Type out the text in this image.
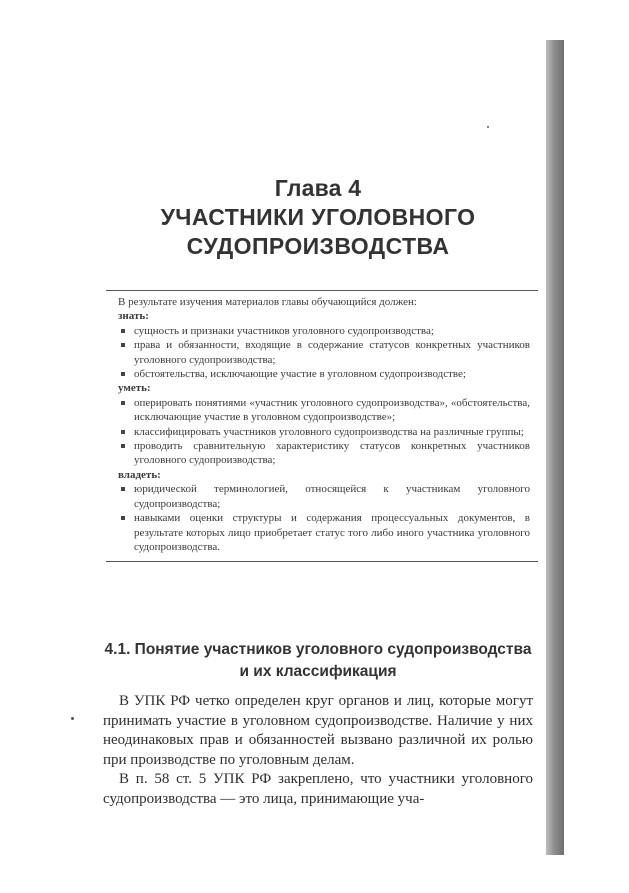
Глава 4
УЧАСТНИКИ УГОЛОВНОГО
СУДОПРОИЗВОДСТВА

В результате изучения материалов главы обучающийся должен:

знать:

сущность и признаки участников уголовного судопроизводства;
права и обязанности, входящие в содержание статусов конкретных участников уголовного судопроизводства;
обстоятельства, исключающие участие в уголовном судопроизводстве;

уметь:

оперировать понятиями «участник уголовного судопроизводства», «обстоятельства, исключающие участие в уголовном судопроизводстве»;
классифицировать участников уголовного судопроизводства на различные группы;
проводить сравнительную характеристику статусов конкретных участников уголовного судопроизводства;

владеть:

юридической терминологией, относящейся к участникам уголовного судопроизводства;
навыками оценки структуры и содержания процессуальных документов, в результате которых лицо приобретает статус того либо иного участника уголовного судопроизводства.
4.1. Понятие участников уголовного судопроизводства
и их классификация

В УПК РФ четко определен круг органов и лиц, которые могут принимать участие в уголовном судопроизводстве. Наличие у них неодинаковых прав и обязанностей вызвано различной их ролью при производстве по уголовным делам.

В п. 58 ст. 5 УПК РФ закреплено, что участники уголовного судопроизводства — это лица, принимающие уча-
